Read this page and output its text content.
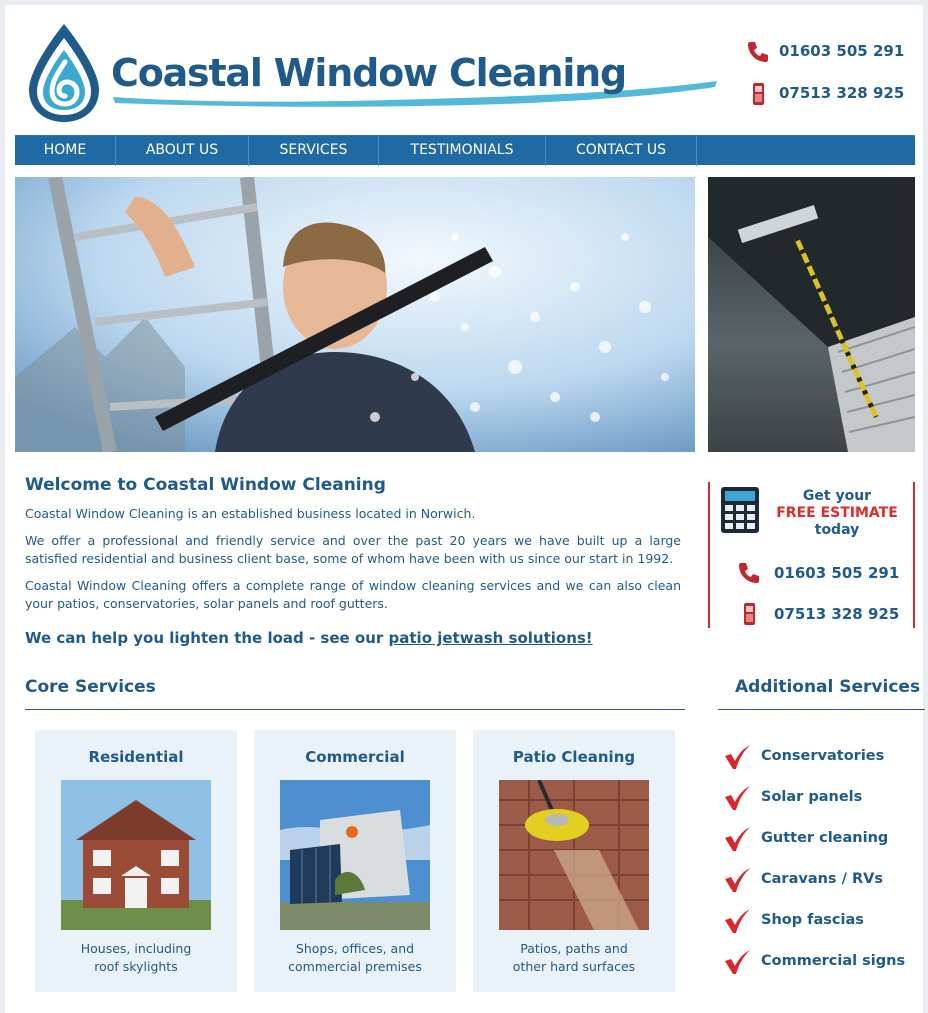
Coastal Window Cleaning	01603 505 291
07513 328 925
HOME	ABOUT US	SERVICES	TESTIMONIALS	CONTACT US
Welcome to Coastal Window Cleaning

Coastal Window Cleaning is an established business located in Norwich.

We offer a professional and friendly service and over the past 20 years we have built up a large satisfied residential and business client base, some of whom have been with us since our start in 1992.

Coastal Window Cleaning offers a complete range of window cleaning services and we can also clean your patios, conservatories, solar panels and roof gutters.

We can help you lighten the load - see our patio jetwash solutions!
Get your
FREE ESTIMATE
today
01603 505 291
07513 328 925
Core Services
Residential
Houses, including
roof skylights
Commercial
Shops, offices, and
commercial premises
Patio Cleaning
Patios, paths and
other hard surfaces
Additional Services
Conservatories
Solar panels
Gutter cleaning
Caravans / RVs
Shop fascias
Commercial signs
